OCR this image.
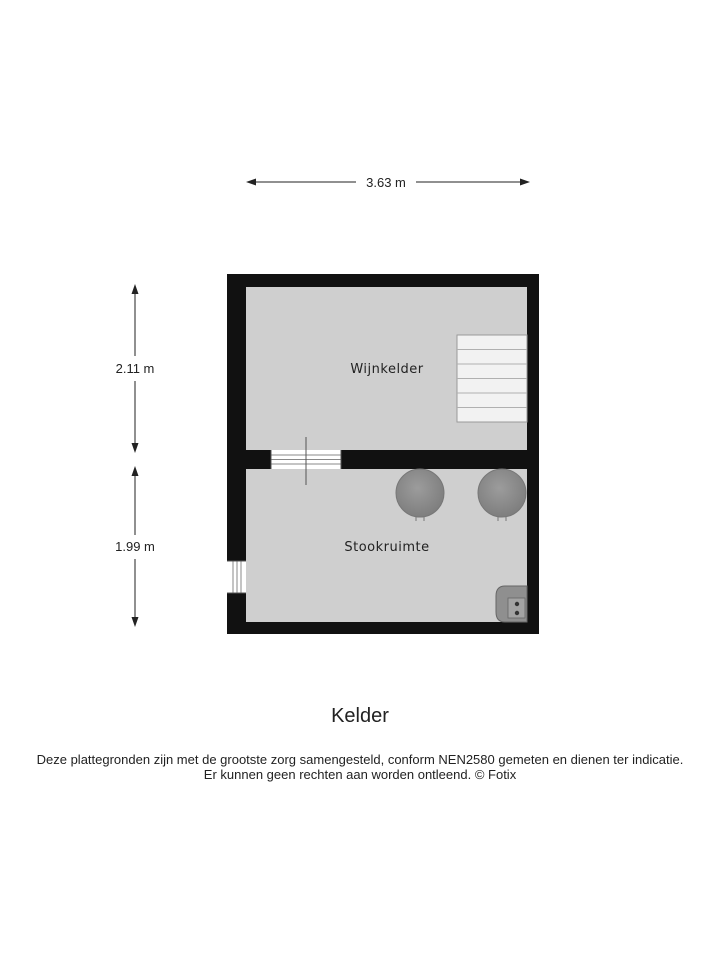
3.63 m
2.11 m
1.99 m
Wijnkelder
Stookruimte
Kelder
Deze plattegronden zijn met de grootste zorg samengesteld, conform NEN2580 gemeten en dienen ter indicatie.
Er kunnen geen rechten aan worden ontleend. © Fotix
